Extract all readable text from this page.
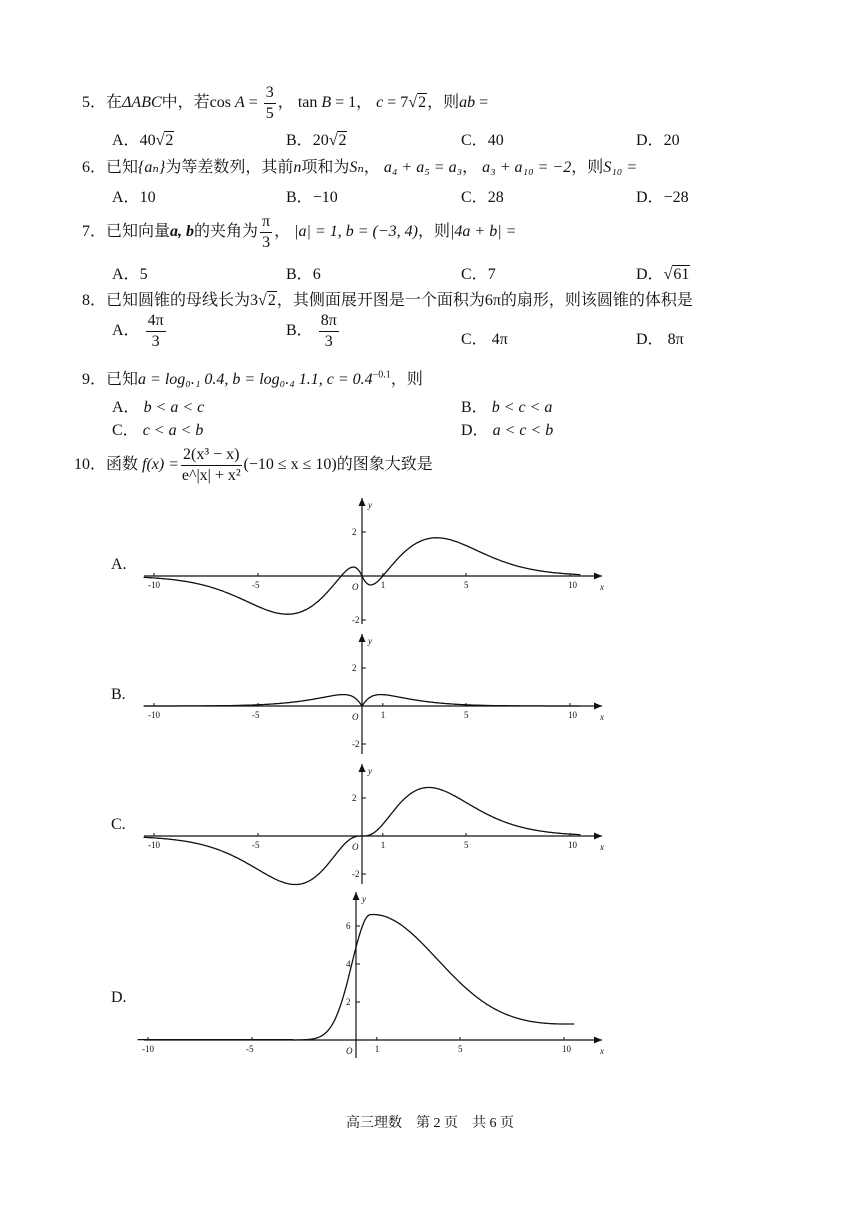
5．在ΔABC中，若$\cos A = \frac{3}{5}$ ， tan B = 1， c = 7√2，则ab =
A．40√2	B．20√2	C．40	D．20
6．已知{aₙ}为等差数列，其前n项和为Sₙ， a₄ + a₅ = a₃， a₃ + a₁₀ = −2，则S₁₀ =
A．10	B．−10	C．28	D．−28
7．已知向量a, b的夹角为 $\frac{\pi}{3}$ ， |a| = 1, b = (−3, 4)，则|4a + b| =
A．5	B．6	C．7	D．√61
8．已知圆锥的母线长为3√2，其侧面展开图是一个面积为6π的扇形，则该圆锥的体积是
A． $\frac{4\pi}{3}$	B． $\frac{8\pi}{3}$	C． 4π	D． 8π
9．已知a = log₀.₁ 0.4, b = log₀.₄ 1.1, $c = 0.4^{-0.1}$，则
A． b < a < c	B． b < c < a
C． c < a < b	D． a < c < b
10．函数 $f(x) = \frac{\text{2(x³ − x)}}{\text{e\textasciicircum{}|x| + x²}} (-10 \le x \le 10)$的图象大致是
A.
y
x
O
-10	-5	1	5	10
2
-2
B.
y
x
O
-10	-5	1	5	10
2
-2
C.
y
x
O
-10	-5	1	5	10
2
-2
D.
y
x
O
-10	-5	1	5	10
6
4
2
高三理数　第 2 页　共 6 页
